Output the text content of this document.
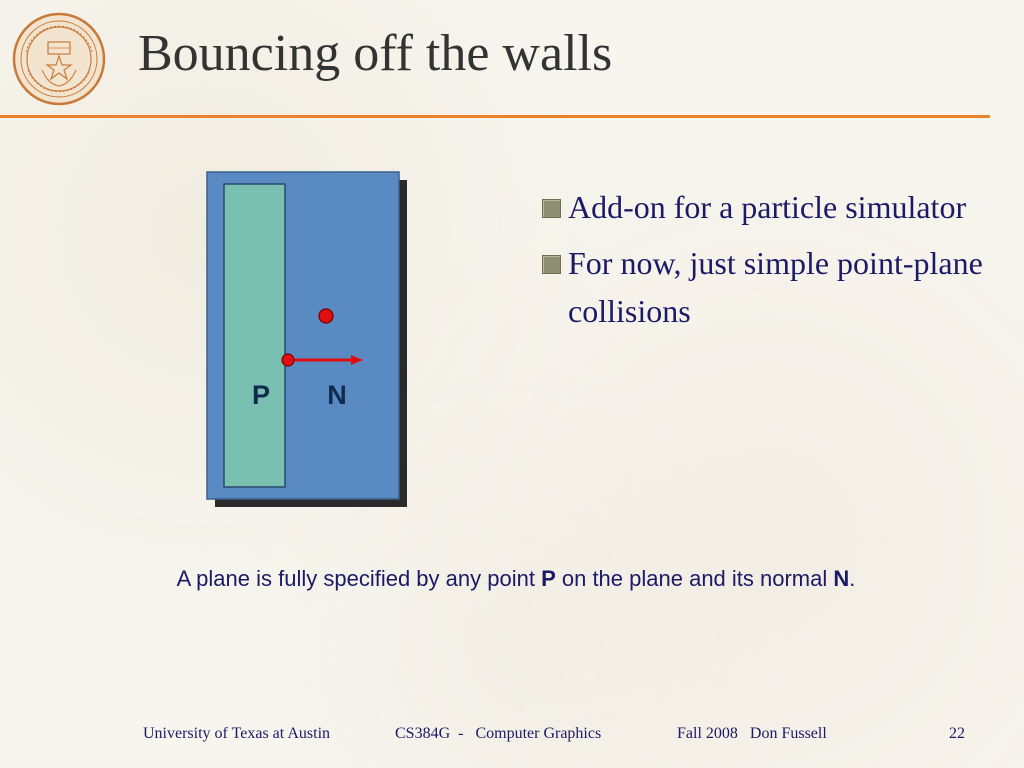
Bouncing off the walls
P N
Add-on for a particle simulator
For now, just simple point-plane collisions

A plane is fully specified by any point P on the plane and its normal N.

University of Texas at Austin	CS384G  -   Computer Graphics	Fall 2008   Don Fussell	22
